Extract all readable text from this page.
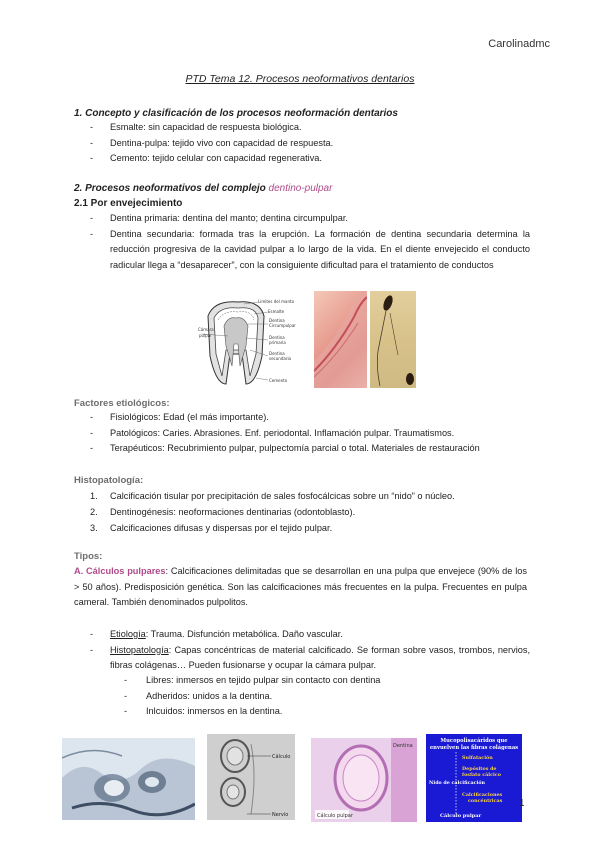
Carolinadmc
PTD Tema 12. Procesos neoformativos dentarios
1. Concepto y clasificación de los procesos neoformación dentarios
- Esmalte: sin capacidad de respuesta biológica.
- Dentina-pulpa: tejido vivo con capacidad de respuesta.
- Cemento: tejido celular con capacidad regenerativa.
2. Procesos neoformativos del complejo dentino-pulpar
2.1 Por envejecimiento
- Dentina primaria: dentina del manto; dentina circumpulpar.
- Dentina secundaria: formada tras la erupción. La formación de dentina secundaria determina la reducción progresiva de la cavidad pulpar a lo largo de la vida. En el diente envejecido el conducto radicular llega a “desaparecer”, con la consiguiente dificultad para el tratamiento de conductos
Limites del manto
Esmalte
Dentina
Circumpulpar
Dentina
primaria
Dentina
secundaria
Cámara
pulpar
Cemento
Factores etiológicos:
- Fisiológicos: Edad (el más importante).
- Patológicos: Caries. Abrasiones. Enf. periodontal. Inflamación pulpar. Traumatismos.
- Terapéuticos: Recubrimiento pulpar, pulpectomía parcial o total. Materiales de restauración
Histopatología:
1. Calcificación tisular por precipitación de sales fosfocálcicas sobre un “nido” o núcleo.
2. Dentinogénesis: neoformaciones dentinarias (odontoblasto).
3. Calcificaciones difusas y dispersas por el tejido pulpar.
Tipos:
A. Cálculos pulpares: Calcificaciones delimitadas que se desarrollan en una pulpa que envejece (90% de los > 50 años). Predisposición genética. Son las calcificaciones más frecuentes en la pulpa. Frecuentes en pulpa cameral. También denominados pulpolitos.
- Etiología: Trauma. Disfunción metabólica. Daño vascular.
- Histopatología: Capas concéntricas de material calcificado. Se forman sobre vasos, trombos, nervios, fibras colágenas… Pueden fusionarse y ocupar la cámara pulpar.
- Libres: inmersos en tejido pulpar sin contacto con dentina
- Adheridos: unidos a la dentina.
- Inlcuidos: inmersos en la dentina.
Cálculo
Nervio
Dentina
Cálculo pulpar
Mucopolisacáridos que
envuelven las fibras colágenas
Sulfatación
Depósitos de
fosfato cálcico
Nido de calcificación
Calcificaciones
concéntricas
Cálculo pulpar
1
